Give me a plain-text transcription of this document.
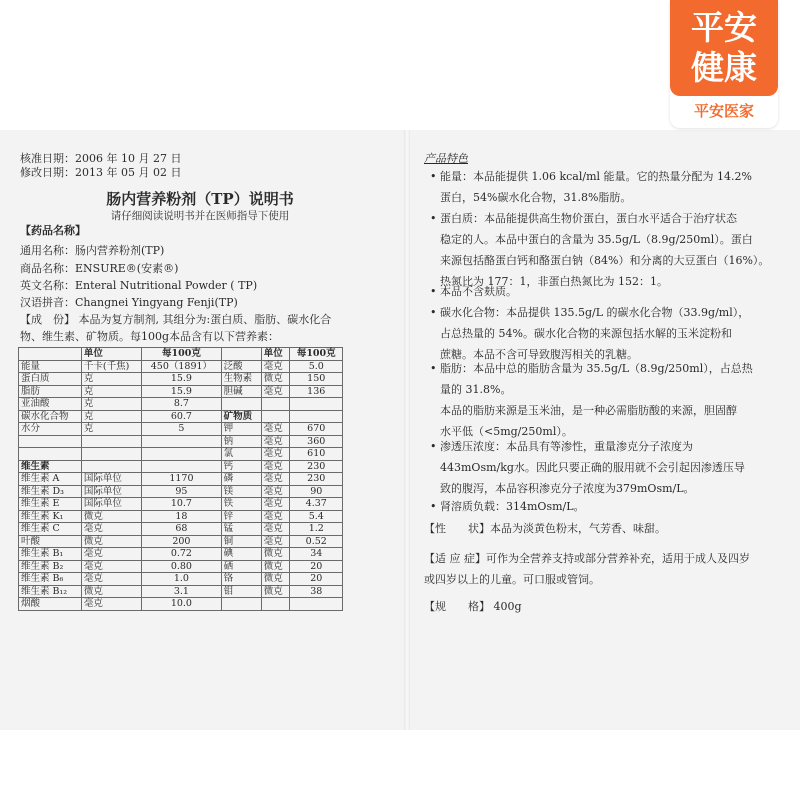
平安
健康
平安医家
核准日期：2006 年 10 月 27 日
修改日期：2013 年 05 月 02 日
肠内营养粉剂（TP）说明书
请仔细阅读说明书并在医师指导下使用
【药品名称】
通用名称：肠内营养粉剂(TP)
商品名称：ENSURE®(安素®)
英文名称：Enteral Nutritional Powder ( TP)
汉语拼音：Changnei Yingyang Fenji(TP)
【成　份】 本品为复方制剂, 其组分为:蛋白质、脂肪、碳水化合
物、维生素、矿物质。每100g本品含有以下营养素：
	单位	每100克		单位	每100克
能量	千卡(千焦)	450（1891）	泛酸	毫克	5.0
蛋白质	克	15.9	生物素	微克	150
脂肪	克	15.9	胆碱	毫克	136
亚油酸	克	8.7			
碳水化合物	克	60.7	矿物质		
水分	克	5	钾	毫克	670
			钠	毫克	360
			氯	毫克	610
维生素			钙	毫克	230
维生素 A	国际单位	1170	磷	毫克	230
维生素 D₃	国际单位	95	镁	毫克	90
维生素 E	国际单位	10.7	铁	毫克	4.37
维生素 K₁	微克	18	锌	毫克	5.4
维生素 C	毫克	68	锰	毫克	1.2
叶酸	微克	200	铜	毫克	0.52
维生素 B₁	毫克	0.72	碘	微克	34
维生素 B₂	毫克	0.80	硒	微克	20
维生素 B₆	毫克	1.0	铬	微克	20
维生素 B₁₂	微克	3.1	钼	微克	38
烟酸	毫克	10.0			
产品特色
• 能量：本品能提供 1.06 kcal/ml 能量。它的热量分配为 14.2%
蛋白，54%碳水化合物，31.8%脂肪。
• 蛋白质：本品能提供高生物价蛋白，蛋白水平适合于治疗状态
稳定的人。本品中蛋白的含量为 35.5g/L（8.9g/250ml）。蛋白
来源包括酪蛋白钙和酪蛋白钠（84%）和分离的大豆蛋白（16%）。
热氮比为 177：1，非蛋白热氮比为 152：1。
• 本品不含麸质。
• 碳水化合物：本品提供 135.5g/L 的碳水化合物（33.9g/ml），
占总热量的 54%。碳水化合物的来源包括水解的玉米淀粉和
蔗糖。本品不含可导致腹泻相关的乳糖。
• 脂肪：本品中总的脂肪含量为 35.5g/L（8.9g/250ml），占总热
量的 31.8%。
本品的脂肪来源是玉米油，是一种必需脂肪酸的来源，胆固醇
水平低（<5mg/250ml）。
• 渗透压浓度：本品具有等渗性，重量渗克分子浓度为
443mOsm/kg水。因此只要正确的服用就不会引起因渗透压导
致的腹泻，本品容积渗克分子浓度为379mOsm/L。
• 肾溶质负载：314mOsm/L。
【性　　状】本品为淡黄色粉末，气芳香、味甜。
【适 应 症】可作为全营养支持或部分营养补充，适用于成人及四岁
或四岁以上的儿童。可口服或管饲。
【规　　格】 400g
